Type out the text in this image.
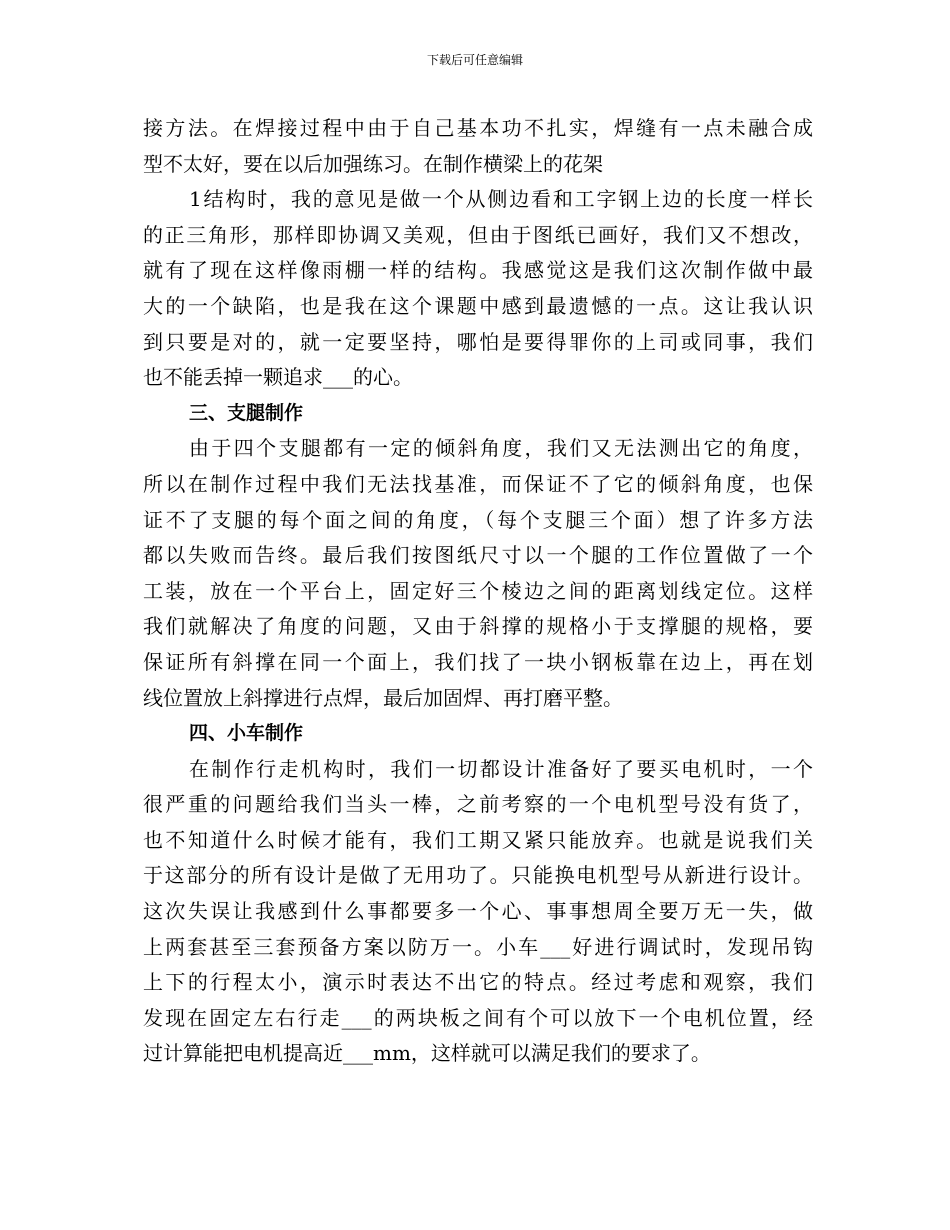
下载后可任意编辑
接方法。在焊接过程中由于自己基本功不扎实，焊缝有一点未融合成
型不太好，要在以后加强练习。在制作横梁上的花架
1结构时，我的意见是做一个从侧边看和工字钢上边的长度一样长
的正三角形，那样即协调又美观，但由于图纸已画好，我们又不想改，
就有了现在这样像雨棚一样的结构。我感觉这是我们这次制作做中最
大的一个缺陷，也是我在这个课题中感到最遗憾的一点。这让我认识
到只要是对的，就一定要坚持，哪怕是要得罪你的上司或同事，我们
也不能丢掉一颗追求___的心。
三、支腿制作
由于四个支腿都有一定的倾斜角度，我们又无法测出它的角度，
所以在制作过程中我们无法找基准，而保证不了它的倾斜角度，也保
证不了支腿的每个面之间的角度，（每个支腿三个面）想了许多方法
都以失败而告终。最后我们按图纸尺寸以一个腿的工作位置做了一个
工装，放在一个平台上，固定好三个棱边之间的距离划线定位。这样
我们就解决了角度的问题，又由于斜撑的规格小于支撑腿的规格，要
保证所有斜撑在同一个面上，我们找了一块小钢板靠在边上，再在划
线位置放上斜撑进行点焊，最后加固焊、再打磨平整。
四、小车制作
在制作行走机构时，我们一切都设计准备好了要买电机时，一个
很严重的问题给我们当头一棒，之前考察的一个电机型号没有货了，
也不知道什么时候才能有，我们工期又紧只能放弃。也就是说我们关
于这部分的所有设计是做了无用功了。只能换电机型号从新进行设计。
这次失误让我感到什么事都要多一个心、事事想周全要万无一失，做
上两套甚至三套预备方案以防万一。小车___好进行调试时，发现吊钩
上下的行程太小，演示时表达不出它的特点。经过考虑和观察，我们
发现在固定左右行走___的两块板之间有个可以放下一个电机位置，经
过计算能把电机提高近___mm，这样就可以满足我们的要求了。
